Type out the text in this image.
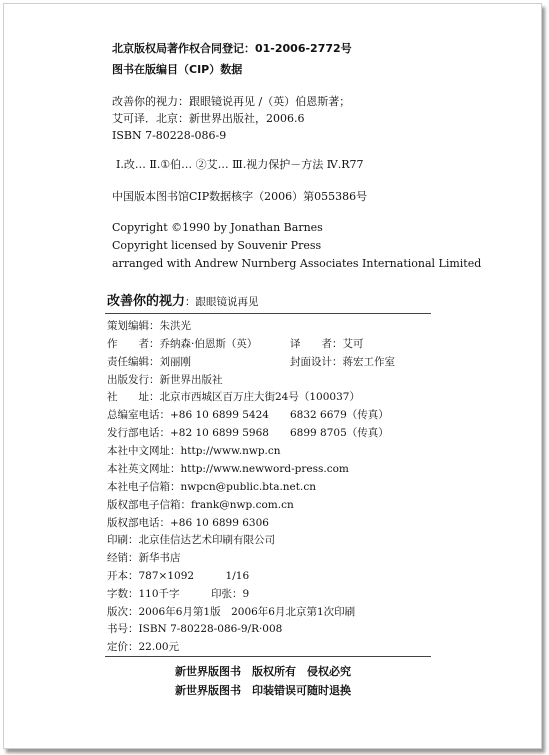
北京版权局著作权合同登记：01-2006-2772号
图书在版编目（CIP）数据
改善你的视力：跟眼镜说再见 /（英）伯恩斯著；
艾可译．北京：新世界出版社，2006.6
ISBN 7-80228-086-9
Ⅰ.改… Ⅱ.①伯… ②艾… Ⅲ.视力保护－方法 Ⅳ.R77
中国版本图书馆CIP数据核字（2006）第055386号
Copyright ©1990 by Jonathan Barnes
Copyright licensed by Souvenir Press
arranged with Andrew Nurnberg Associates International Limited
改善你的视力：跟眼镜说再见
策划编辑：朱洪光
作　　者：乔纳森·伯恩斯（英）	译　　者：艾可
责任编辑：刘丽刚	封面设计：蒋宏工作室
出版发行：新世界出版社
社　　址：北京市西城区百万庄大街24号（100037）
总编室电话：+86 10 6899 5424　　6832 6679（传真）
发行部电话：+82 10 6899 5968　　6899 8705（传真）
本社中文网址：http://www.nwp.cn
本社英文网址：http://www.newword-press.com
本社电子信箱：nwpcn@public.bta.net.cn
版权部电子信箱：frank@nwp.com.cn
版权部电话：+86 10 6899 6306
印刷：北京佳信达艺术印刷有限公司
经销：新华书店
开本：787×1092　　　1/16
字数：110千字　　　印张：9
版次：2006年6月第1版　2006年6月北京第1次印刷
书号：ISBN 7-80228-086-9/R·008
定价：22.00元
新世界版图书　版权所有　侵权必究
新世界版图书　印装错误可随时退换
